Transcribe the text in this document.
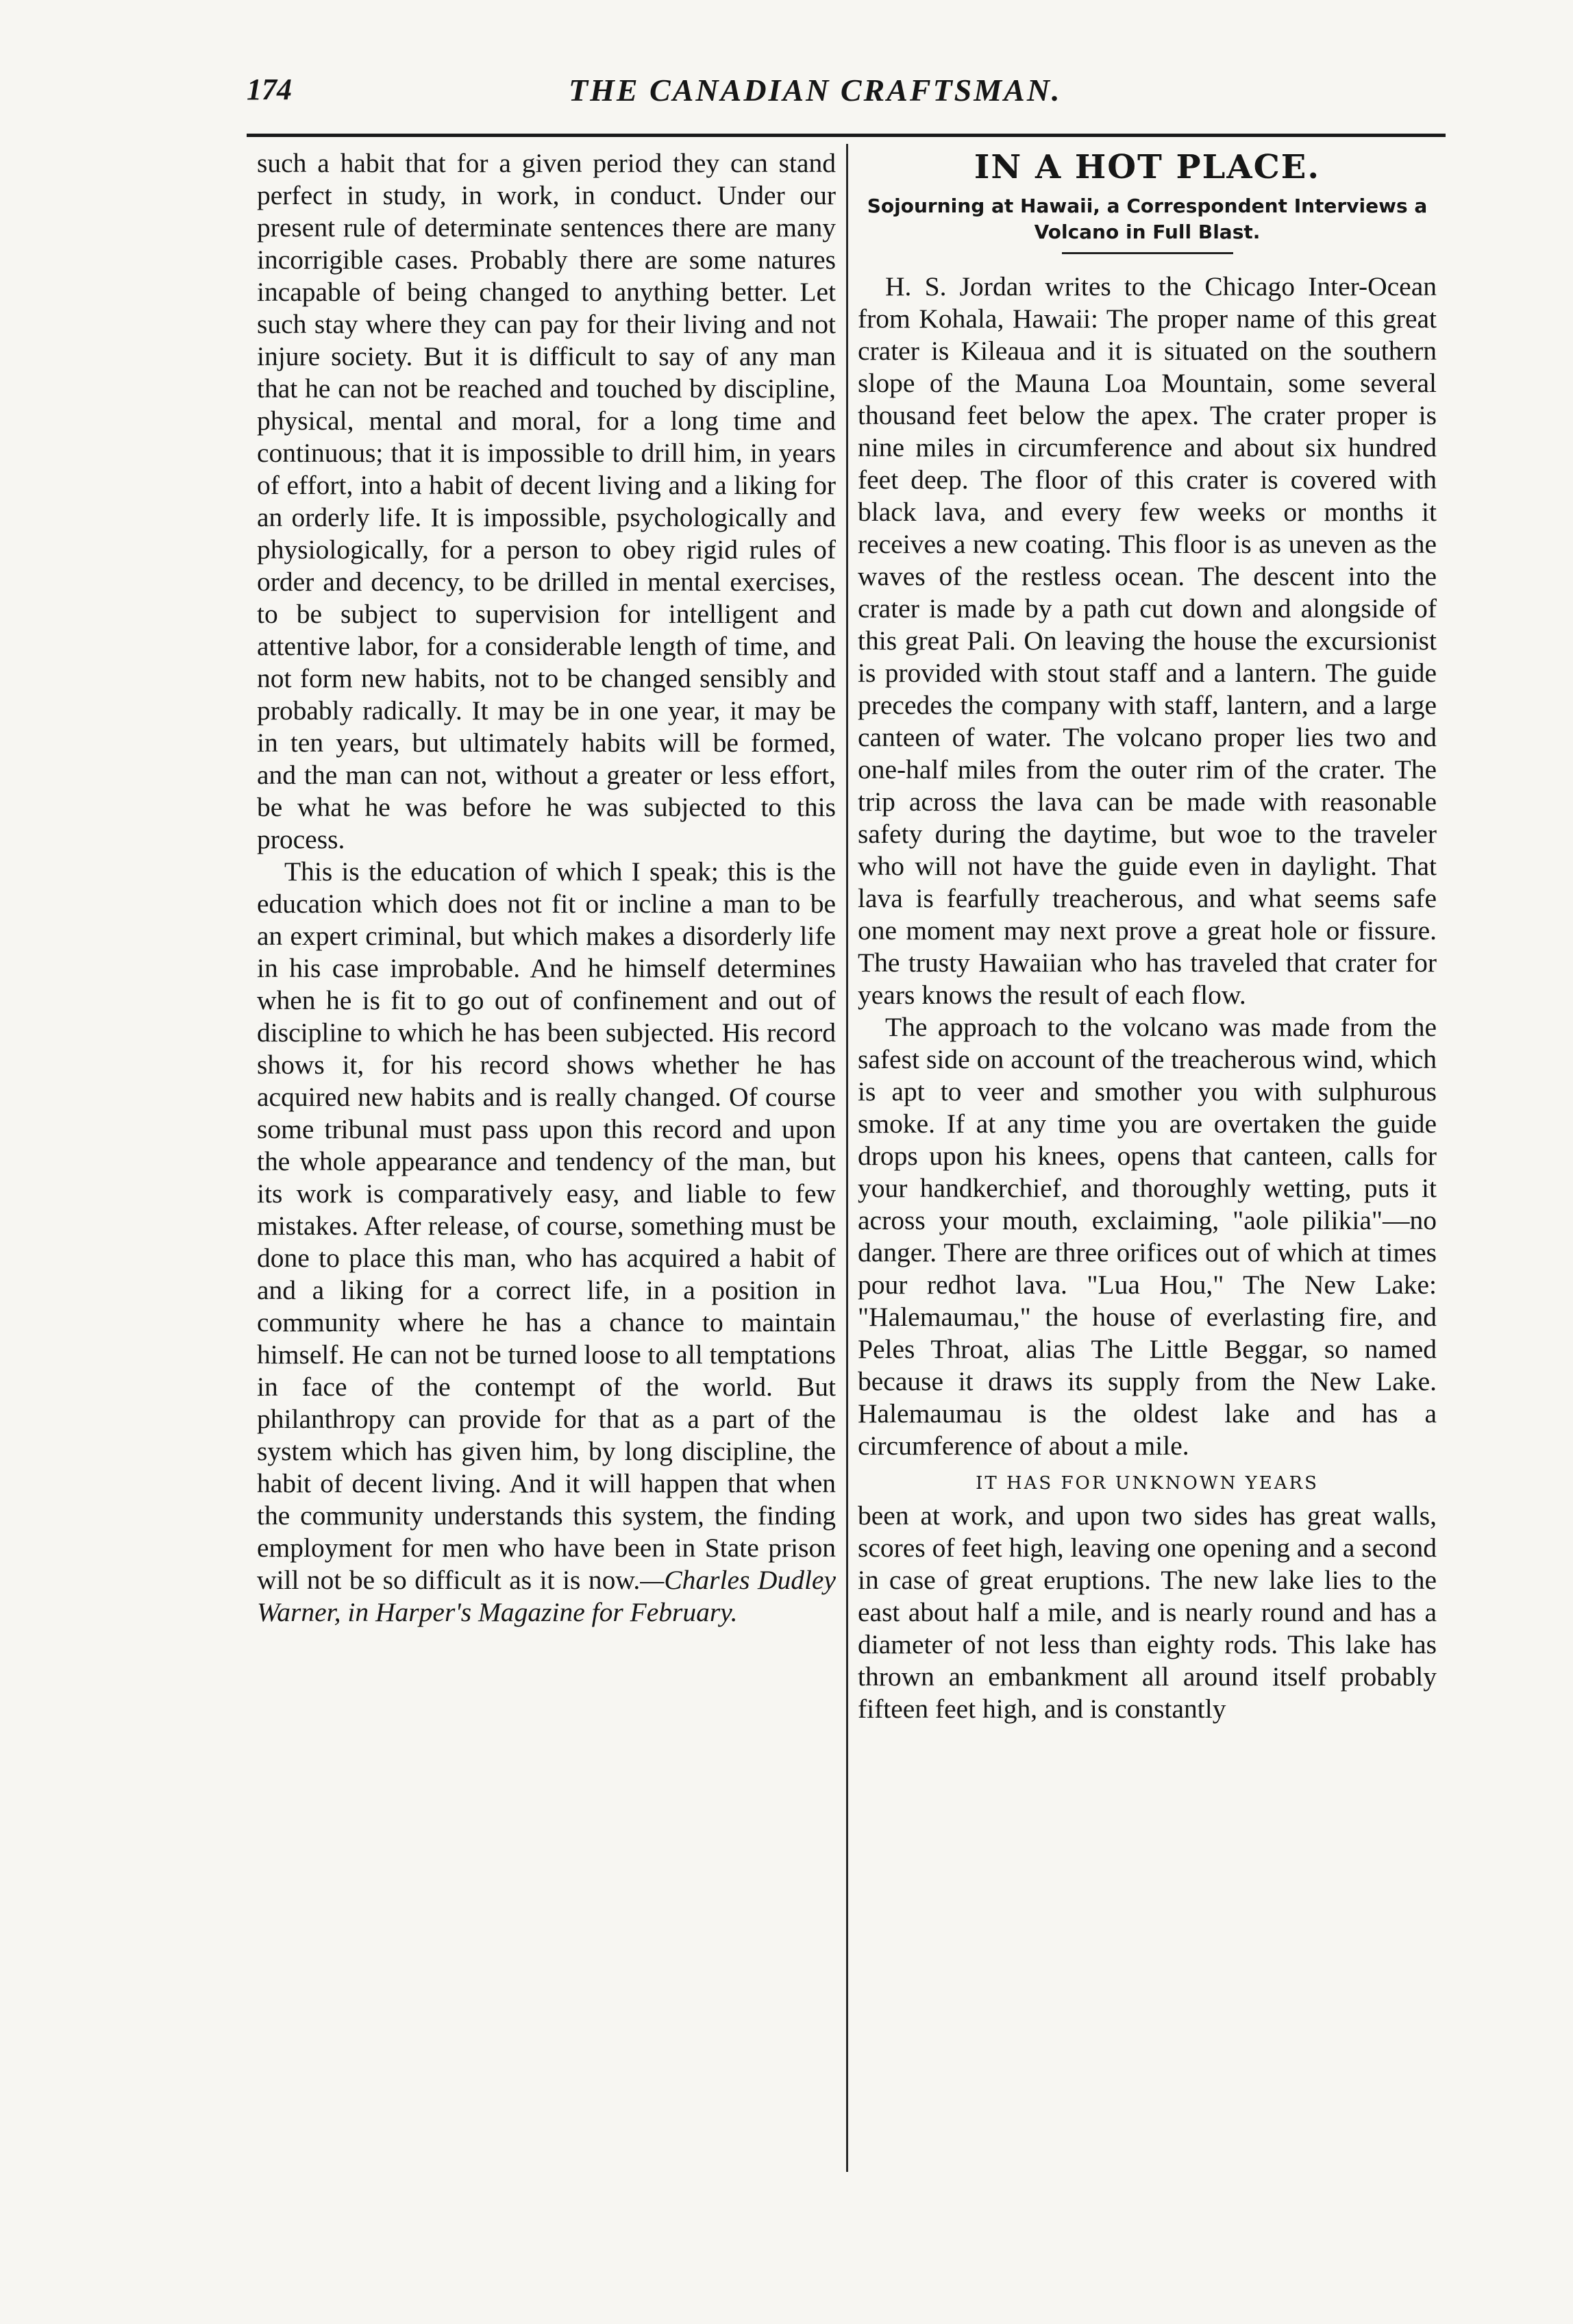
174	THE CANADIAN CRAFTSMAN.

such a habit that for a given period they can stand perfect in study, in work, in conduct. Under our present rule of determinate sentences there are many incorrigible cases. Probably there are some natures incapable of being changed to anything better. Let such stay where they can pay for their living and not injure society. But it is difficult to say of any man that he can not be reached and touched by discipline, physical, mental and moral, for a long time and continuous; that it is impossible to drill him, in years of effort, into a habit of decent living and a liking for an orderly life. It is impossible, psychologically and physiologically, for a person to obey rigid rules of order and decency, to be drilled in mental exercises, to be subject to supervision for intelligent and attentive labor, for a considerable length of time, and not form new habits, not to be changed sensibly and probably radically. It may be in one year, it may be in ten years, but ultimately habits will be formed, and the man can not, without a greater or less effort, be what he was before he was subjected to this process.

This is the education of which I speak; this is the education which does not fit or incline a man to be an expert criminal, but which makes a disorderly life in his case improbable. And he himself determines when he is fit to go out of confinement and out of discipline to which he has been subjected. His record shows it, for his record shows whether he has acquired new habits and is really changed. Of course some tribunal must pass upon this record and upon the whole appearance and tendency of the man, but its work is comparatively easy, and liable to few mistakes. After release, of course, something must be done to place this man, who has acquired a habit of and a liking for a correct life, in a position in community where he has a chance to maintain himself. He can not be turned loose to all temptations in face of the contempt of the world. But philanthropy can provide for that as a part of the system which has given him, by long discipline, the habit of decent living. And it will happen that when the community understands this system, the finding employment for men who have been in State prison will not be so difficult as it is now.—Charles Dudley Warner, in Harper's Magazine for February.

IN A HOT PLACE.
Sojourning at Hawaii, a Correspondent Interviews a Volcano in Full Blast.

H. S. Jordan writes to the Chicago Inter-Ocean from Kohala, Hawaii: The proper name of this great crater is Kileaua and it is situated on the southern slope of the Mauna Loa Mountain, some several thousand feet below the apex. The crater proper is nine miles in circumference and about six hundred feet deep. The floor of this crater is covered with black lava, and every few weeks or months it receives a new coating. This floor is as uneven as the waves of the restless ocean. The descent into the crater is made by a path cut down and alongside of this great Pali. On leaving the house the excursionist is provided with stout staff and a lantern. The guide precedes the company with staff, lantern, and a large canteen of water. The volcano proper lies two and one-half miles from the outer rim of the crater. The trip across the lava can be made with reasonable safety during the daytime, but woe to the traveler who will not have the guide even in daylight. That lava is fearfully treacherous, and what seems safe one moment may next prove a great hole or fissure. The trusty Hawaiian who has traveled that crater for years knows the result of each flow.

The approach to the volcano was made from the safest side on account of the treacherous wind, which is apt to veer and smother you with sulphurous smoke. If at any time you are overtaken the guide drops upon his knees, opens that canteen, calls for your handkerchief, and thoroughly wetting, puts it across your mouth, exclaiming, "aole pilikia"—no danger. There are three orifices out of which at times pour redhot lava. "Lua Hou," The New Lake: "Halemaumau," the house of everlasting fire, and Peles Throat, alias The Little Beggar, so named because it draws its supply from the New Lake. Halemaumau is the oldest lake and has a circumference of about a mile.

IT HAS FOR UNKNOWN YEARS

been at work, and upon two sides has great walls, scores of feet high, leaving one opening and a second in case of great eruptions. The new lake lies to the east about half a mile, and is nearly round and has a diameter of not less than eighty rods. This lake has thrown an embankment all around itself probably fifteen feet high, and is constantly
